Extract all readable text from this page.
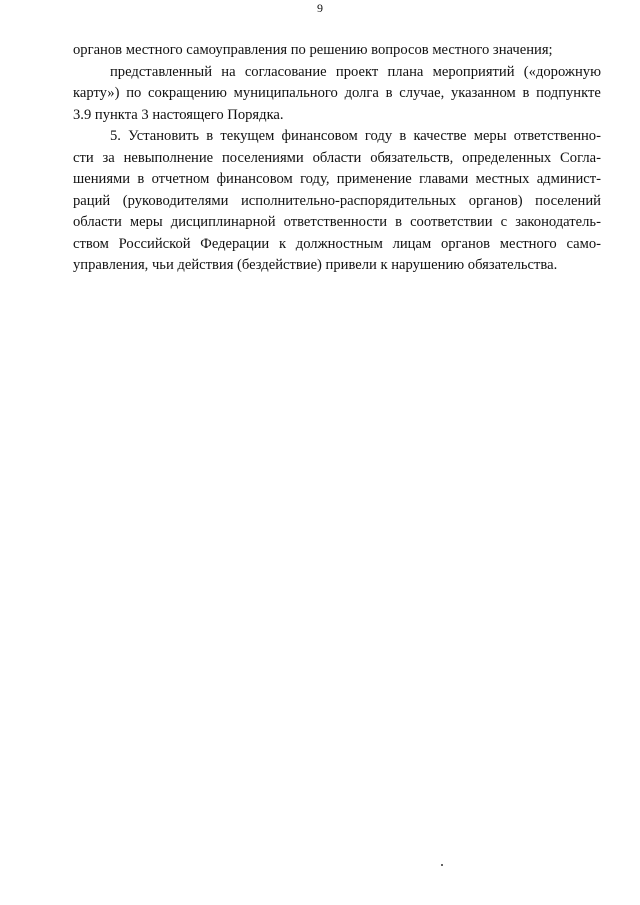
9
органов местного самоуправления по решению вопросов местного значения;
представленный на согласование проект плана мероприятий («дорожную
карту») по сокращению муниципального долга в случае, указанном в подпункте
3.9 пункта 3 настоящего Порядка.
5. Установить в текущем финансовом году в качестве меры ответственно-
сти за невыполнение поселениями области обязательств, определенных Согла-
шениями в отчетном финансовом году, применение главами местных админист-
раций (руководителями исполнительно-распорядительных органов) поселений
области меры дисциплинарной ответственности в соответствии с законодатель-
ством Российской Федерации к должностным лицам органов местного само-
управления, чьи действия (бездействие) привели к нарушению обязательства.
